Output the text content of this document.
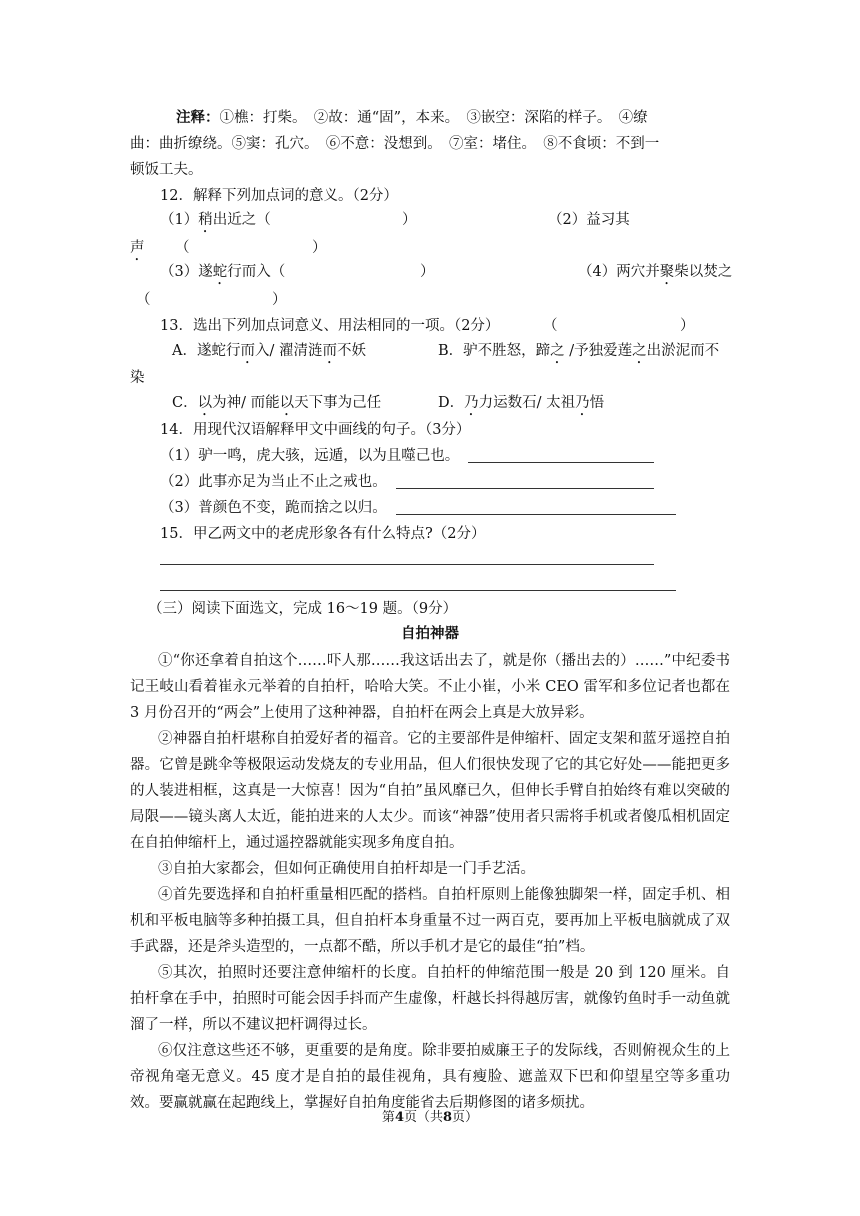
注释：①樵：打柴。　②故：通“固”，本来。　③嵌空：深陷的样子。　④缭
曲：曲折缭绕。⑤窦：孔穴。　⑥不意：没想到。　⑦室：堵住。　⑧不食顷：不到一
顿饭工夫。
12．解释下列加点词的意义。（2分）
（1）稍出近之（	）	（2）益习其
声 （	）
（3）遂蛇行而入（	）	（4）两穴并聚柴以焚之
（	）
13．选出下列加点词意义、用法相同的一项。（2分）	（	）
A．遂蛇行而入/ 濯清涟而不妖	B．驴不胜怒，蹄之 /予独爱莲之出淤泥而不
染
C．以为神/ 而能以天下事为己任	D．乃力运数石/ 太祖乃悟
14．用现代汉语解释甲文中画线的句子。（3分）
（1）驴一鸣，虎大骇，远遁，以为且噬己也。
（2）此事亦足为当止不止之戒也。
（3）普颜色不变，跪而捨之以归。
15．甲乙两文中的老虎形象各有什么特点?（2分）
（三）阅读下面选文，完成 16～19 题。（9分）
自拍神器

①“你还拿着自拍这个……吓人那……我这话出去了，就是你（播出去的）……”中纪委书记王岐山看着崔永元举着的自拍杆，哈哈大笑。不止小崔，小米 CEO 雷军和多位记者也都在 3 月份召开的“两会”上使用了这种神器，自拍杆在两会上真是大放异彩。

②神器自拍杆堪称自拍爱好者的福音。它的主要部件是伸缩杆、固定支架和蓝牙遥控自拍器。它曾是跳伞等极限运动发烧友的专业用品，但人们很快发现了它的其它好处——能把更多的人装进相框，这真是一大惊喜！因为“自拍”虽风靡已久，但伸长手臂自拍始终有难以突破的局限——镜头离人太近，能拍进来的人太少。而该“神器”使用者只需将手机或者傻瓜相机固定在自拍伸缩杆上，通过遥控器就能实现多角度自拍。

③自拍大家都会，但如何正确使用自拍杆却是一门手艺活。

④首先要选择和自拍杆重量相匹配的搭档。自拍杆原则上能像独脚架一样，固定手机、相机和平板电脑等多种拍摄工具，但自拍杆本身重量不过一两百克，要再加上平板电脑就成了双手武器，还是斧头造型的，一点都不酷，所以手机才是它的最佳“拍”档。

⑤其次，拍照时还要注意伸缩杆的长度。自拍杆的伸缩范围一般是 20 到 120 厘米。自拍杆拿在手中，拍照时可能会因手抖而产生虚像，杆越长抖得越厉害，就像钓鱼时手一动鱼就溜了一样，所以不建议把杆调得过长。

⑥仅注意这些还不够，更重要的是角度。除非要拍威廉王子的发际线，否则俯视众生的上帝视角毫无意义。45 度才是自拍的最佳视角，具有瘦脸、遮盖双下巴和仰望星空等多重功效。要赢就赢在起跑线上，掌握好自拍角度能省去后期修图的诸多烦扰。

第4页（共8页）
